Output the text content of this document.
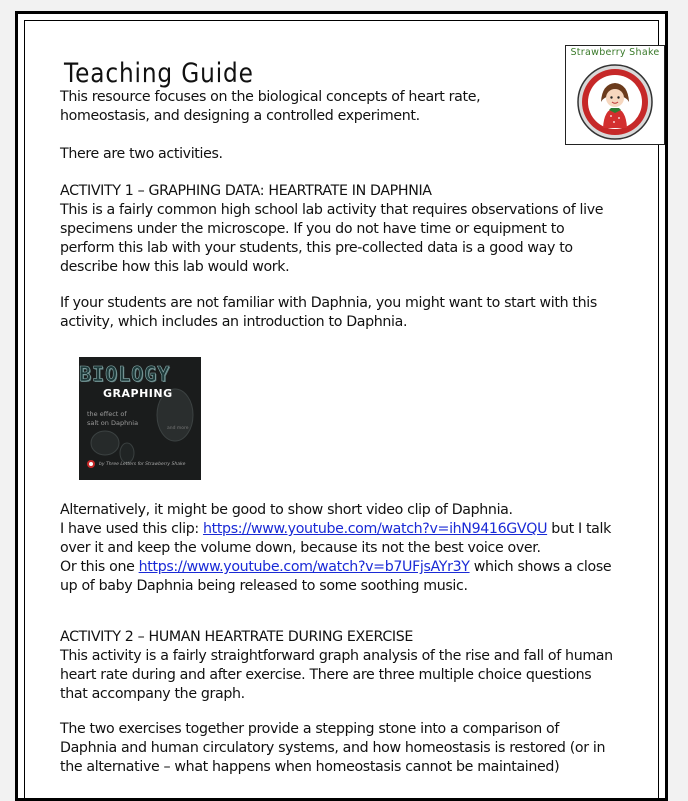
Teaching Guide
Strawberry Shake

This resource focuses on the biological concepts of heart rate,
homeostasis, and designing a controlled experiment.

There are two activities.

ACTIVITY 1 – GRAPHING DATA: HEARTRATE IN DAPHNIA

This is a fairly common high school lab activity that requires observations of live
specimens under the microscope. If you do not have time or equipment to
perform this lab with your students, this pre-collected data is a good way to
describe how this lab would work.

If your students are not familiar with Daphnia, you might want to start with this
activity, which includes an introduction to Daphnia.

BIOLOGY
GRAPHING
the effect of
salt on Daphnia
and more
by Three Letters for Strawberry Shake

Alternatively, it might be good to show short video clip of Daphnia.
I have used this clip: https://www.youtube.com/watch?v=ihN9416GVQU but I talk
over it and keep the volume down, because its not the best voice over.
Or this one https://www.youtube.com/watch?v=b7UFjsAYr3Y which shows a close
up of baby Daphnia being released to some soothing music.

ACTIVITY 2 – HUMAN HEARTRATE DURING EXERCISE

This activity is a fairly straightforward graph analysis of the rise and fall of human
heart rate during and after exercise. There are three multiple choice questions
that accompany the graph.

The two exercises together provide a stepping stone into a comparison of
Daphnia and human circulatory systems, and how homeostasis is restored (or in
the alternative – what happens when homeostasis cannot be maintained)
